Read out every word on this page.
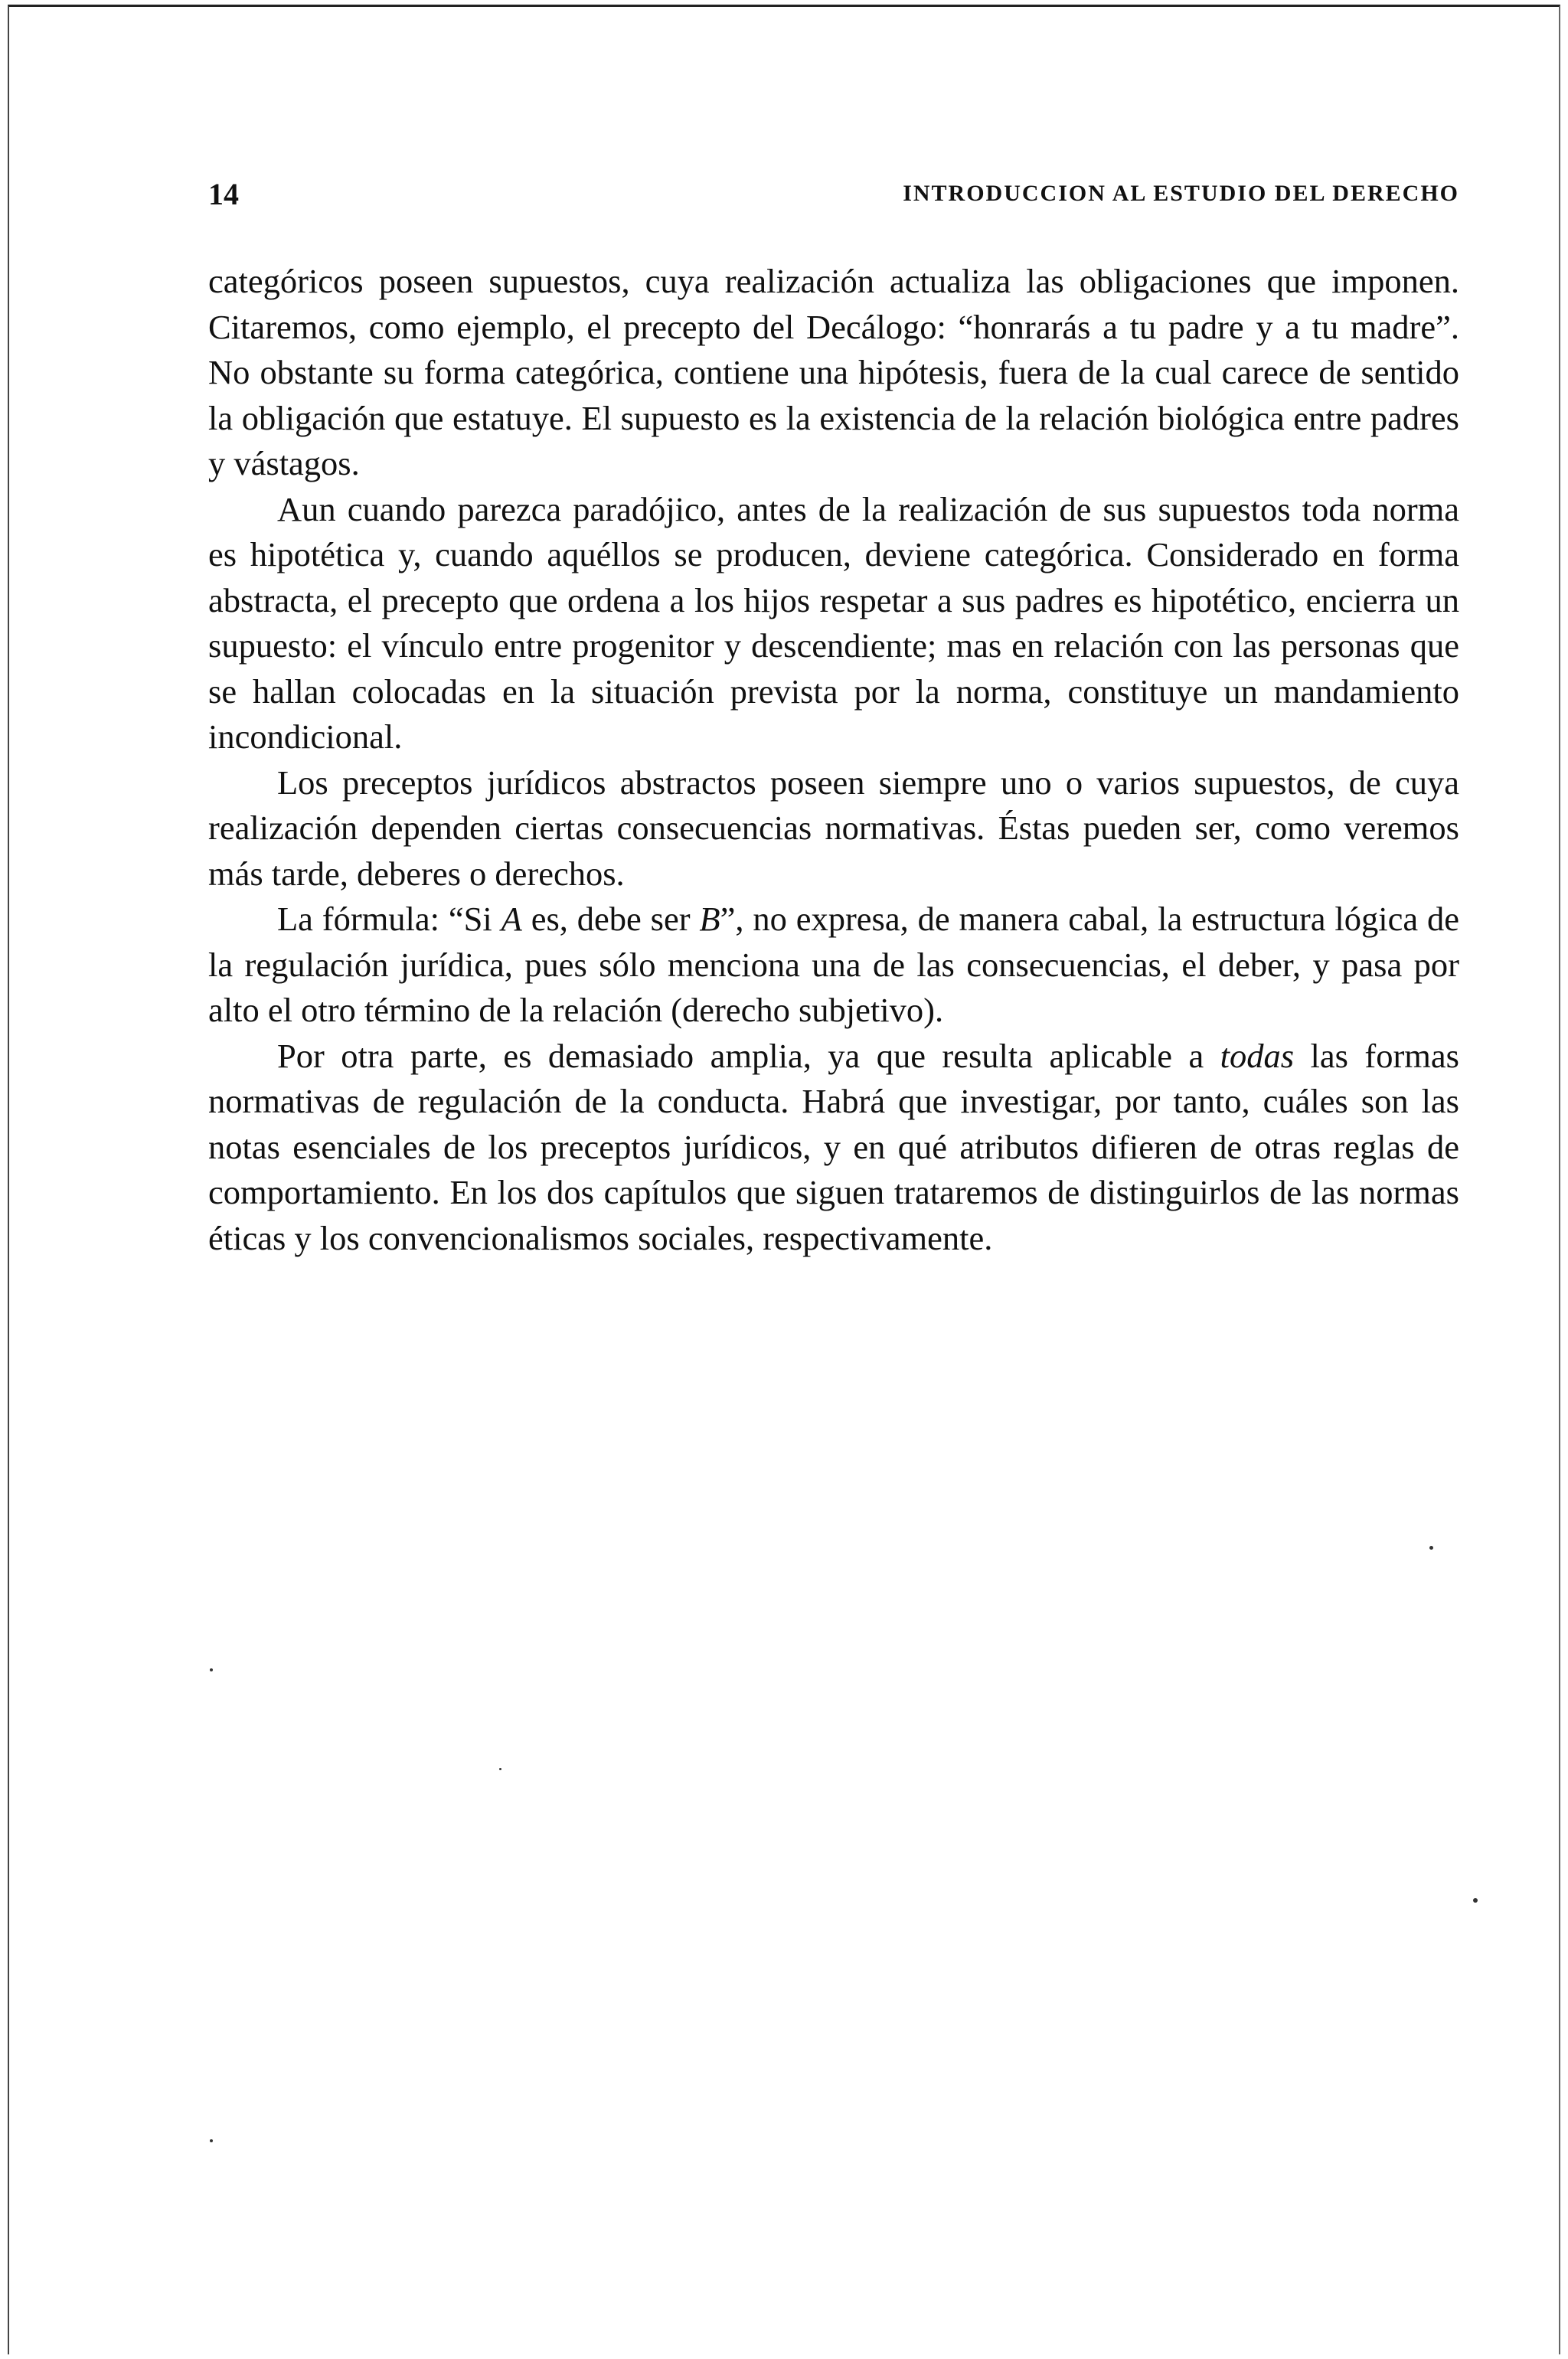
14	INTRODUCCION AL ESTUDIO DEL DERECHO

categóricos poseen supuestos, cuya realización actualiza las obligaciones que imponen. Citaremos, como ejemplo, el precepto del Decálogo: “honrarás a tu padre y a tu madre”. No obstante su forma categórica, contiene una hipótesis, fuera de la cual carece de sentido la obligación que estatuye. El supuesto es la existencia de la relación biológica entre padres y vástagos.

Aun cuando parezca paradójico, antes de la realización de sus supuestos toda norma es hipotética y, cuando aquéllos se producen, deviene categórica. Considerado en forma abstracta, el precepto que ordena a los hijos respetar a sus padres es hipotético, encierra un supuesto: el vínculo entre progenitor y descendiente; mas en relación con las personas que se hallan colocadas en la situación prevista por la norma, constituye un mandamiento incondicional.

Los preceptos jurídicos abstractos poseen siempre uno o varios supuestos, de cuya realización dependen ciertas consecuencias normativas. Éstas pueden ser, como veremos más tarde, deberes o derechos.

La fórmula: “Si A es, debe ser B”, no expresa, de manera cabal, la estructura lógica de la regulación jurídica, pues sólo menciona una de las consecuencias, el deber, y pasa por alto el otro término de la relación (derecho subjetivo).

Por otra parte, es demasiado amplia, ya que resulta aplicable a todas las formas normativas de regulación de la conducta. Habrá que investigar, por tanto, cuáles son las notas esenciales de los preceptos jurídicos, y en qué atributos difieren de otras reglas de comportamiento. En los dos capítulos que siguen trataremos de distinguirlos de las normas éticas y los convencionalismos sociales, respectivamente.
